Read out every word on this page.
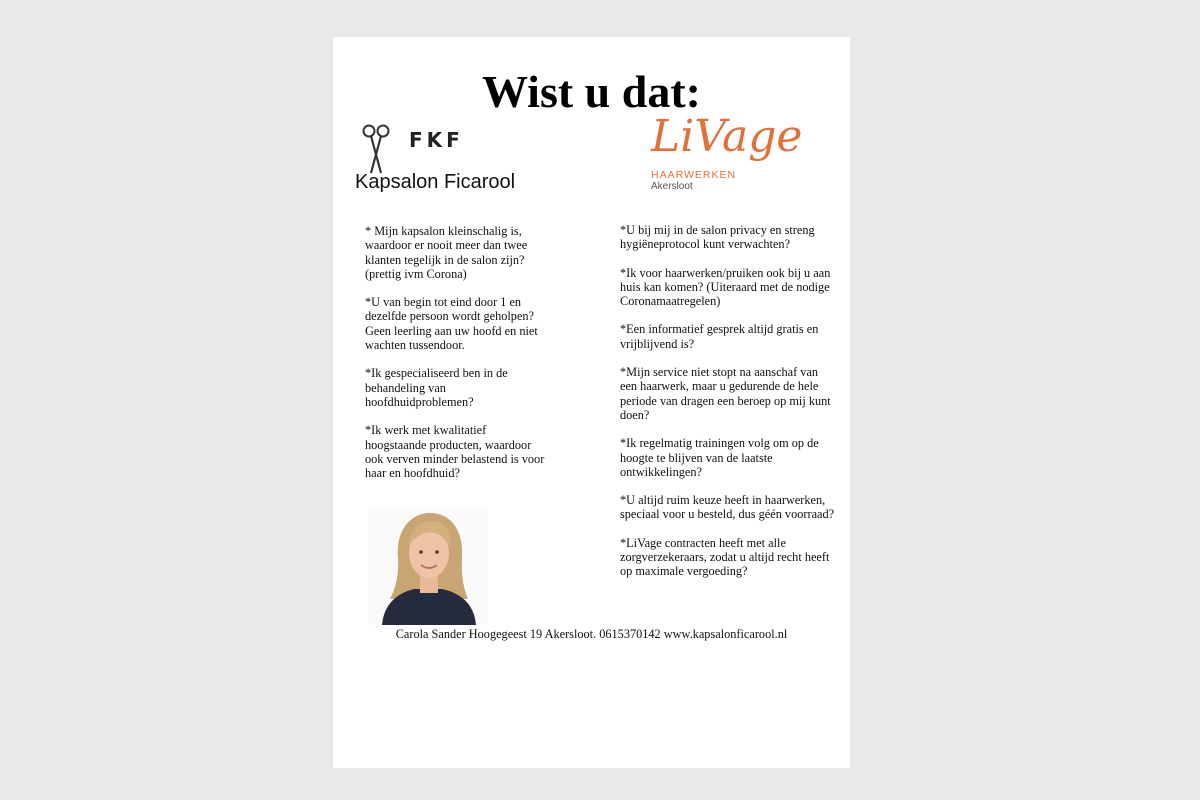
Wist u dat:
FKF
Kapsalon Ficarool
LiVage
HAARWERKEN
Akersloot

* Mijn kapsalon kleinschalig is, waardoor er nooit meer dan twee klanten tegelijk in de salon zijn? (prettig ivm Corona)

*U van begin tot eind door 1 en dezelfde persoon wordt geholpen? Geen leerling aan uw hoofd en niet wachten tussendoor.

*Ik gespecialiseerd ben in de behandeling van hoofdhuidproblemen?

*Ik werk met kwalitatief hoogstaande producten, waardoor ook verven minder belastend is voor haar en hoofdhuid?

*U bij mij in de salon privacy en streng hygiëneprotocol kunt verwachten?

*Ik voor haarwerken/pruiken ook bij u aan huis kan komen? (Uiteraard met de nodige Coronamaatregelen)

*Een informatief gesprek altijd gratis en vrijblijvend is?

*Mijn service niet stopt na aanschaf van een haarwerk, maar u gedurende de hele periode van dragen een beroep op mij kunt doen?

*Ik regelmatig trainingen volg om op de hoogte te blijven van de laatste ontwikkelingen?

*U altijd ruim keuze heeft in haarwerken, speciaal voor u besteld, dus géén voorraad?

*LiVage contracten heeft met alle zorgverzekeraars, zodat u altijd recht heeft op maximale vergoeding?

Carola Sander Hoogegeest 19 Akersloot. 0615370142 www.kapsalonficarool.nl
